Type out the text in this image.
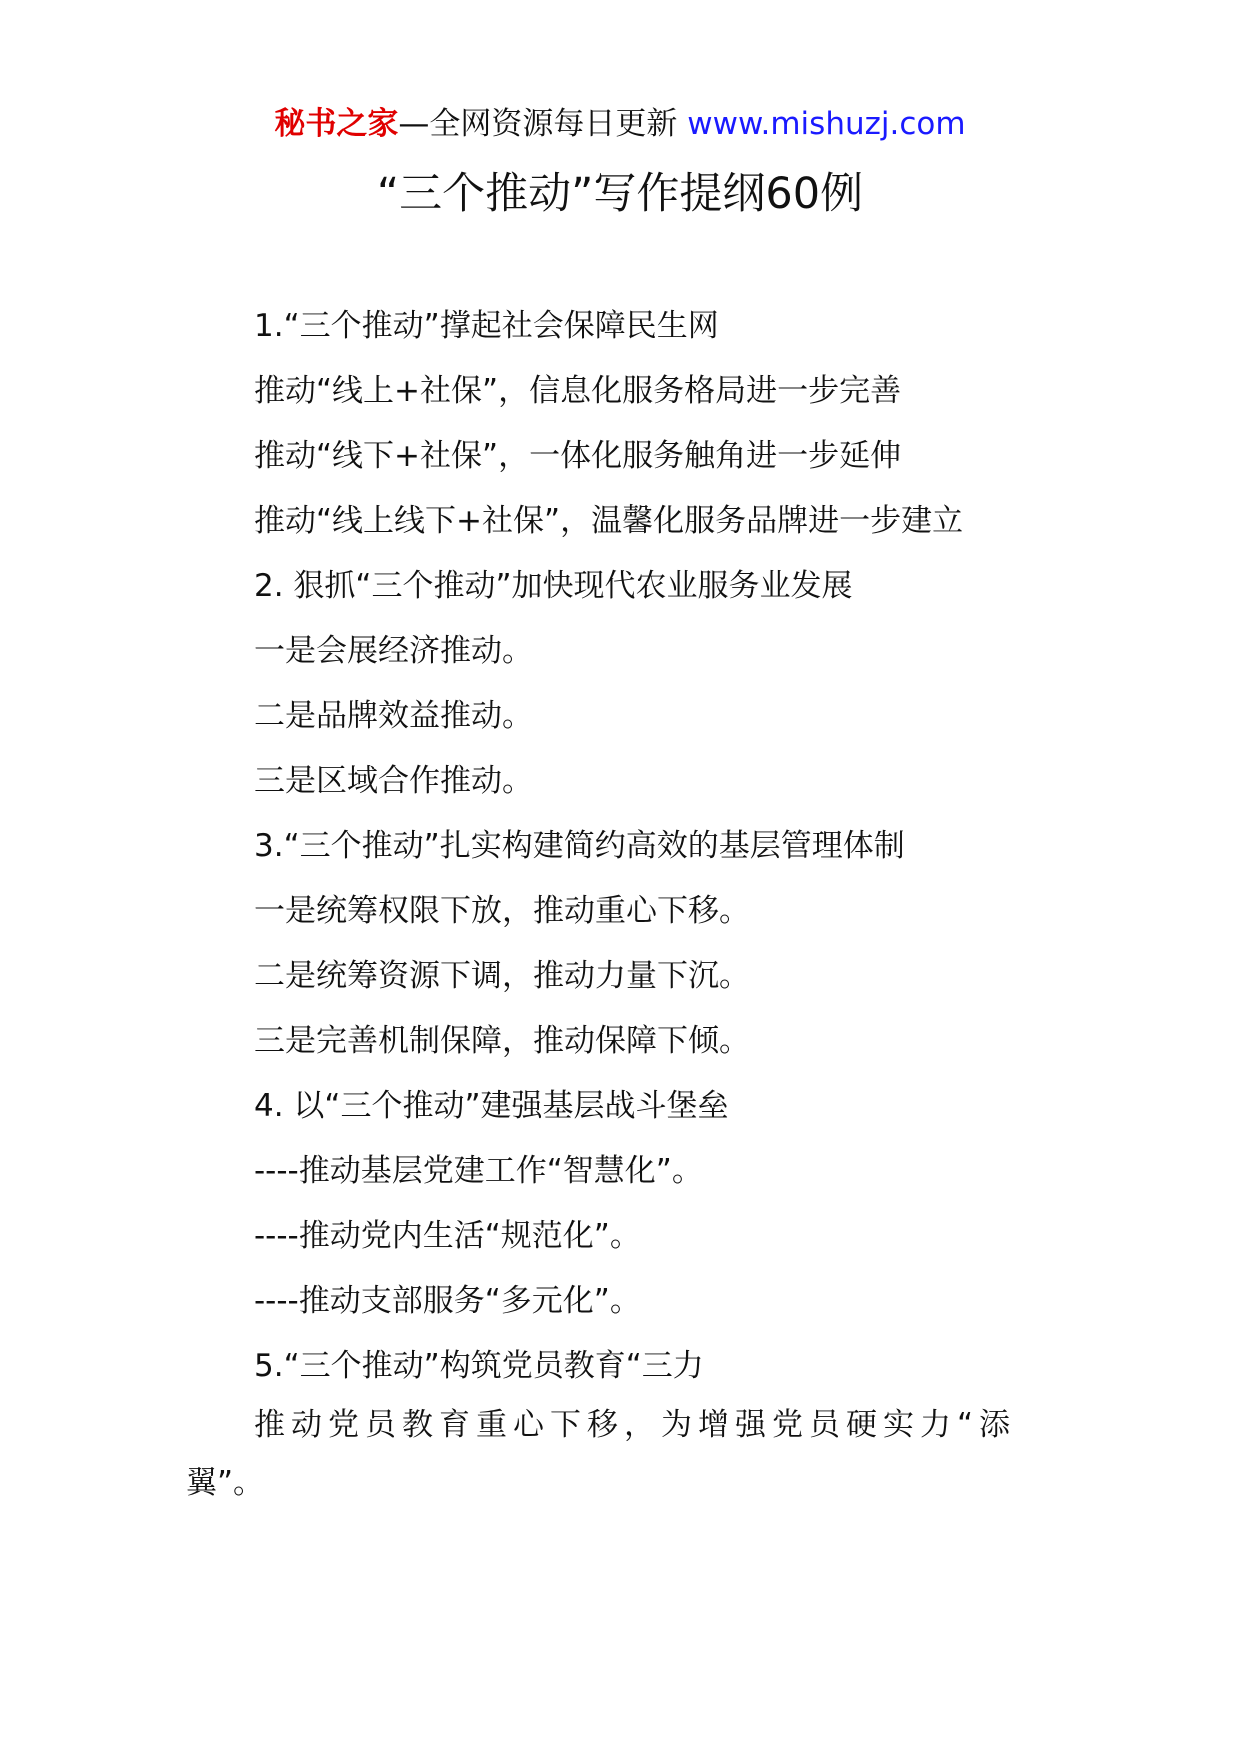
秘书之家—全网资源每日更新 www.mishuzj.com
“三个推动”写作提纲60例
1.“三个推动”撑起社会保障民生网
推动“线上+社保”，信息化服务格局进一步完善
推动“线下+社保”，一体化服务触角进一步延伸
推动“线上线下+社保”，温馨化服务品牌进一步建立
2. 狠抓“三个推动”加快现代农业服务业发展
一是会展经济推动。
二是品牌效益推动。
三是区域合作推动。
3.“三个推动”扎实构建简约高效的基层管理体制
一是统筹权限下放，推动重心下移。
二是统筹资源下调，推动力量下沉。
三是完善机制保障，推动保障下倾。
4. 以“三个推动”建强基层战斗堡垒
----推动基层党建工作“智慧化”。
----推动党内生活“规范化”。
----推动支部服务“多元化”。
5.“三个推动”构筑党员教育“三力
推动党员教育重心下移，为增强党员硬实力“添
翼”。
